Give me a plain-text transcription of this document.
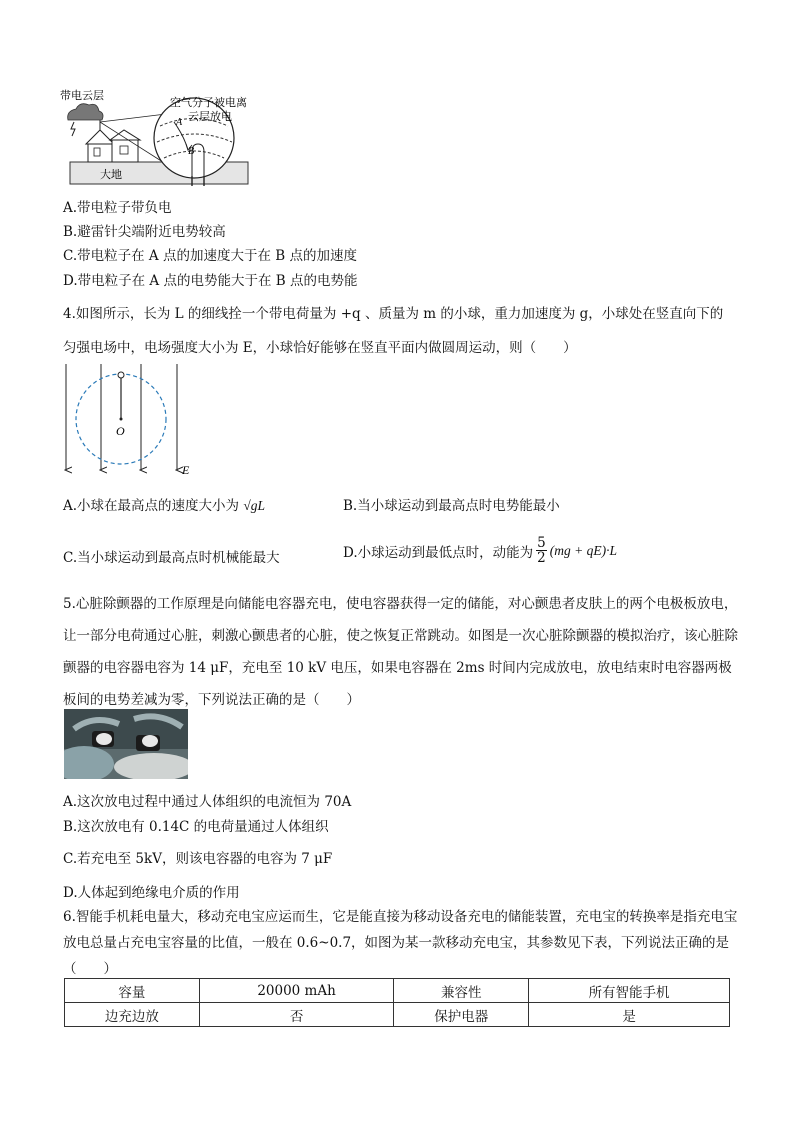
带电云层
空气分子被电离
云层放电
大地
A
B
A.带电粒子带负电
B.避雷针尖端附近电势较高
C.带电粒子在 A 点的加速度大于在 B 点的加速度
D.带电粒子在 A 点的电势能大于在 B 点的电势能
4.如图所示，长为 L 的细线拴一个带电荷量为 +q 、质量为 m 的小球，重力加速度为 g，小球处在竖直向下的
匀强电场中，电场强度大小为 E，小球恰好能够在竖直平面内做圆周运动，则（　　）
O
E
A.小球在最高点的速度大小为 √gL	B.当小球运动到最高点时电势能最小
C.当小球运动到最高点时机械能最大	D.小球运动到最低点时，动能为
5
2 (mg + qE)·L
5.心脏除颤器的工作原理是向储能电容器充电，使电容器获得一定的储能，对心颤患者皮肤上的两个电极板放电，让一部分电荷通过心脏，刺激心颤患者的心脏，使之恢复正常跳动。如图是一次心脏除颤器的模拟治疗，该心脏除颤器的电容器电容为 14 μF，充电至 10 kV 电压，如果电容器在 2ms 时间内完成放电，放电结束时电容器两极板间的电势差减为零，下列说法正确的是（　　）
A.这次放电过程中通过人体组织的电流恒为 70A
B.这次放电有 0.14C 的电荷量通过人体组织
C.若充电至 5kV，则该电容器的电容为 7 μF
D.人体起到绝缘电介质的作用
6.智能手机耗电量大，移动充电宝应运而生，它是能直接为移动设备充电的储能装置，充电宝的转换率是指充电宝放电总量占充电宝容量的比值，一般在 0.6~0.7，如图为某一款移动充电宝，其参数见下表，下列说法正确的是（　　）
容量	20000 mAh	兼容性	所有智能手机
边充边放	否	保护电器	是
